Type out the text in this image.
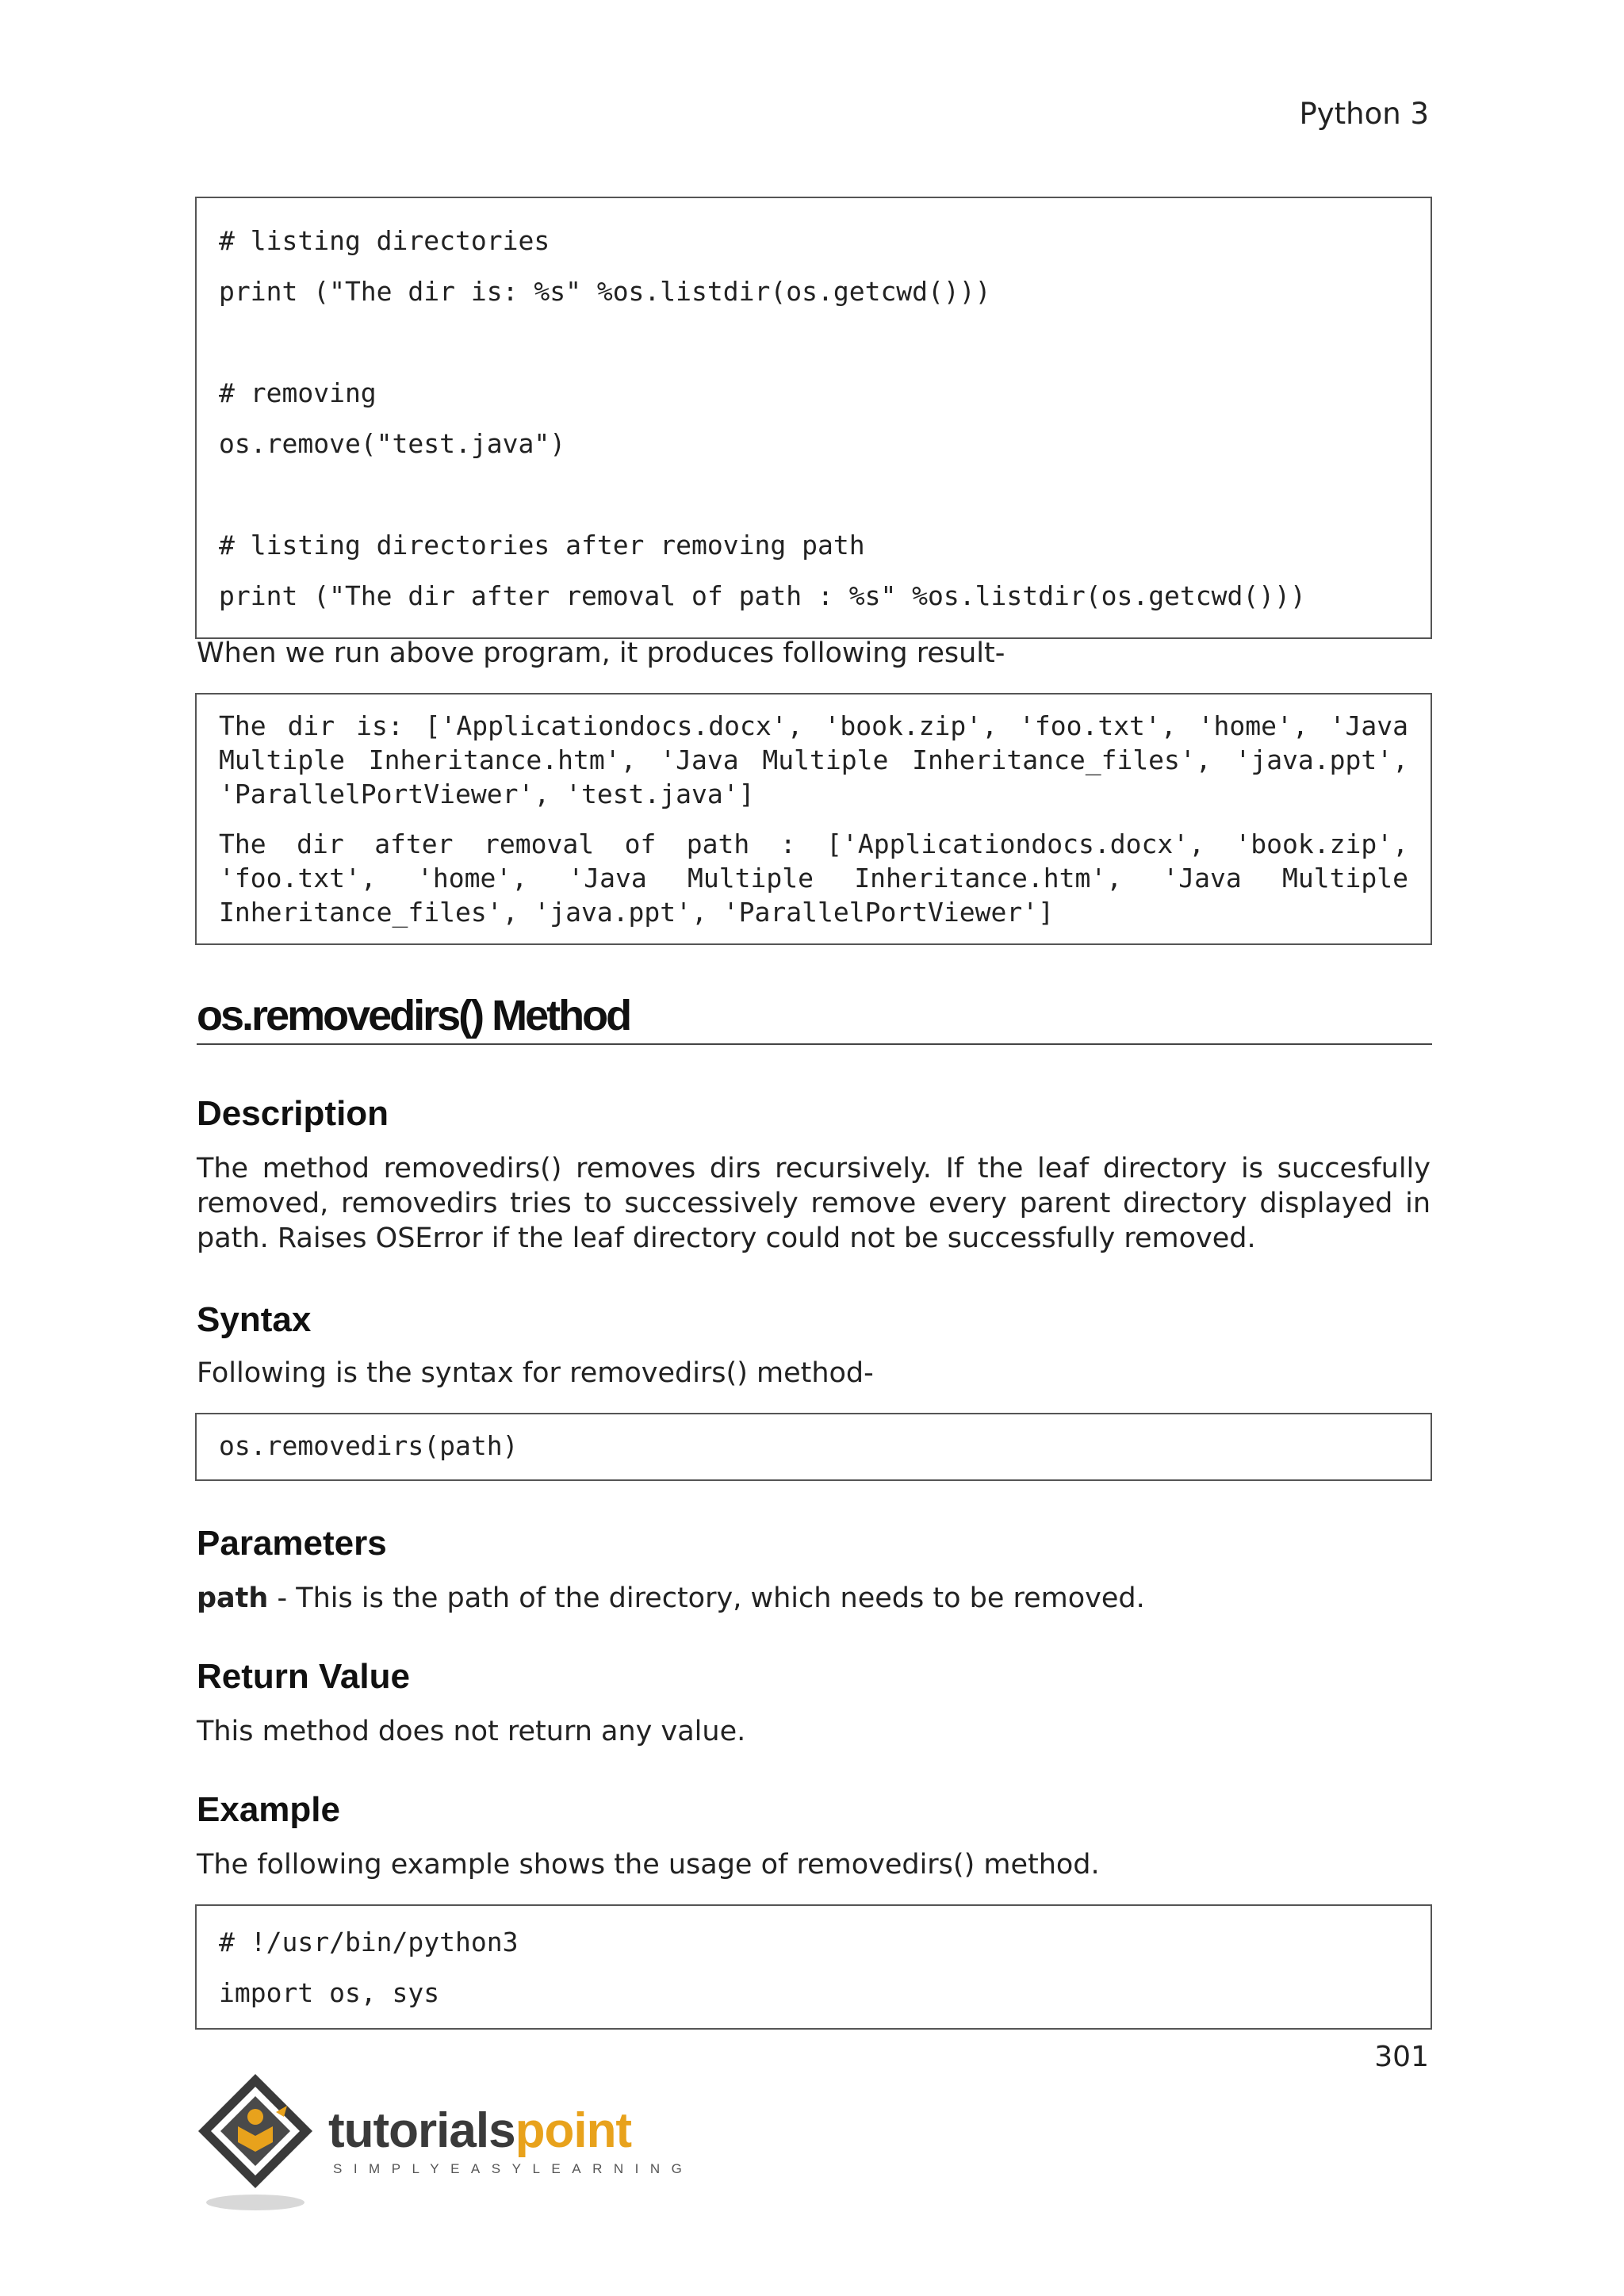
Python 3
# listing directories
print ("The dir is: %s" %os.listdir(os.getcwd()))
# removing
os.remove("test.java")
# listing directories after removing path
print ("The dir after removal of path : %s" %os.listdir(os.getcwd()))
When we run above program, it produces following result-
The dir is: ['Applicationdocs.docx', 'book.zip', 'foo.txt', 'home', 'Java Multiple Inheritance.htm', 'Java Multiple Inheritance_files', 'java.ppt', 'ParallelPortViewer', 'test.java']
The dir after removal of path : ['Applicationdocs.docx', 'book.zip', 'foo.txt', 'home', 'Java Multiple Inheritance.htm', 'Java Multiple Inheritance_files', 'java.ppt', 'ParallelPortViewer']
os.removedirs() Method
Description
The method removedirs() removes dirs recursively. If the leaf directory is succesfully removed, removedirs tries to successively remove every parent directory displayed in path. Raises OSError if the leaf directory could not be successfully removed.
Syntax
Following is the syntax for removedirs() method-
os.removedirs(path)
Parameters
path - This is the path of the directory, which needs to be removed.
Return Value
This method does not return any value.
Example
The following example shows the usage of removedirs() method.
# !/usr/bin/python3
import os, sys
301
tutorialspoint
SIMPLYEASYLEARNING
